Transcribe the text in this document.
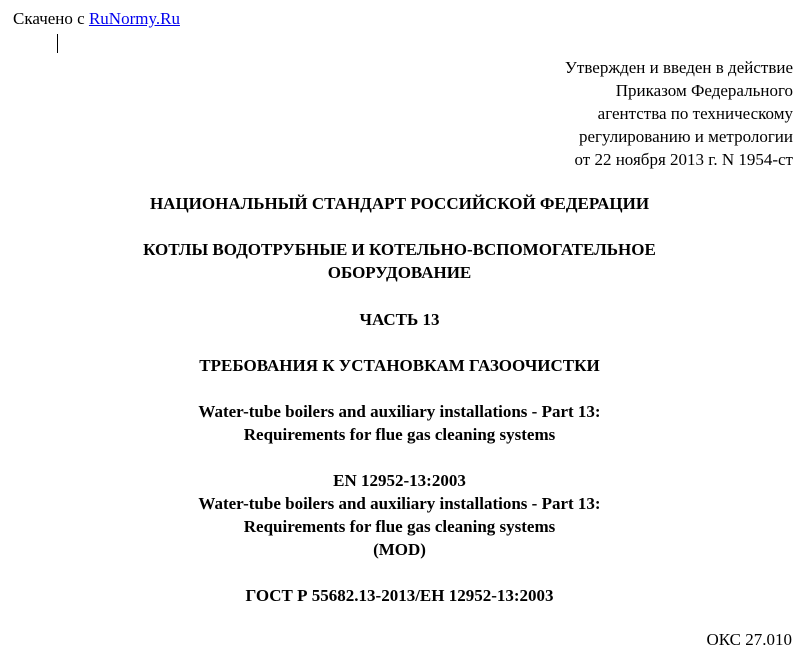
Скачено с RuNormy.Ru
Утвержден и введен в действие
Приказом Федерального
агентства по техническому
регулированию и метрологии
от 22 ноября 2013 г. N 1954-ст
НАЦИОНАЛЬНЫЙ СТАНДАРТ РОССИЙСКОЙ ФЕДЕРАЦИИ
КОТЛЫ ВОДОТРУБНЫЕ И КОТЕЛЬНО-ВСПОМОГАТЕЛЬНОЕ
ОБОРУДОВАНИЕ
ЧАСТЬ 13
ТРЕБОВАНИЯ К УСТАНОВКАМ ГАЗООЧИСТКИ
Water-tube boilers and auxiliary installations - Part 13:
Requirements for flue gas cleaning systems
EN 12952-13:2003
Water-tube boilers and auxiliary installations - Part 13:
Requirements for flue gas cleaning systems
(MOD)
ГОСТ Р 55682.13-2013/ЕН 12952-13:2003
ОКС 27.010
